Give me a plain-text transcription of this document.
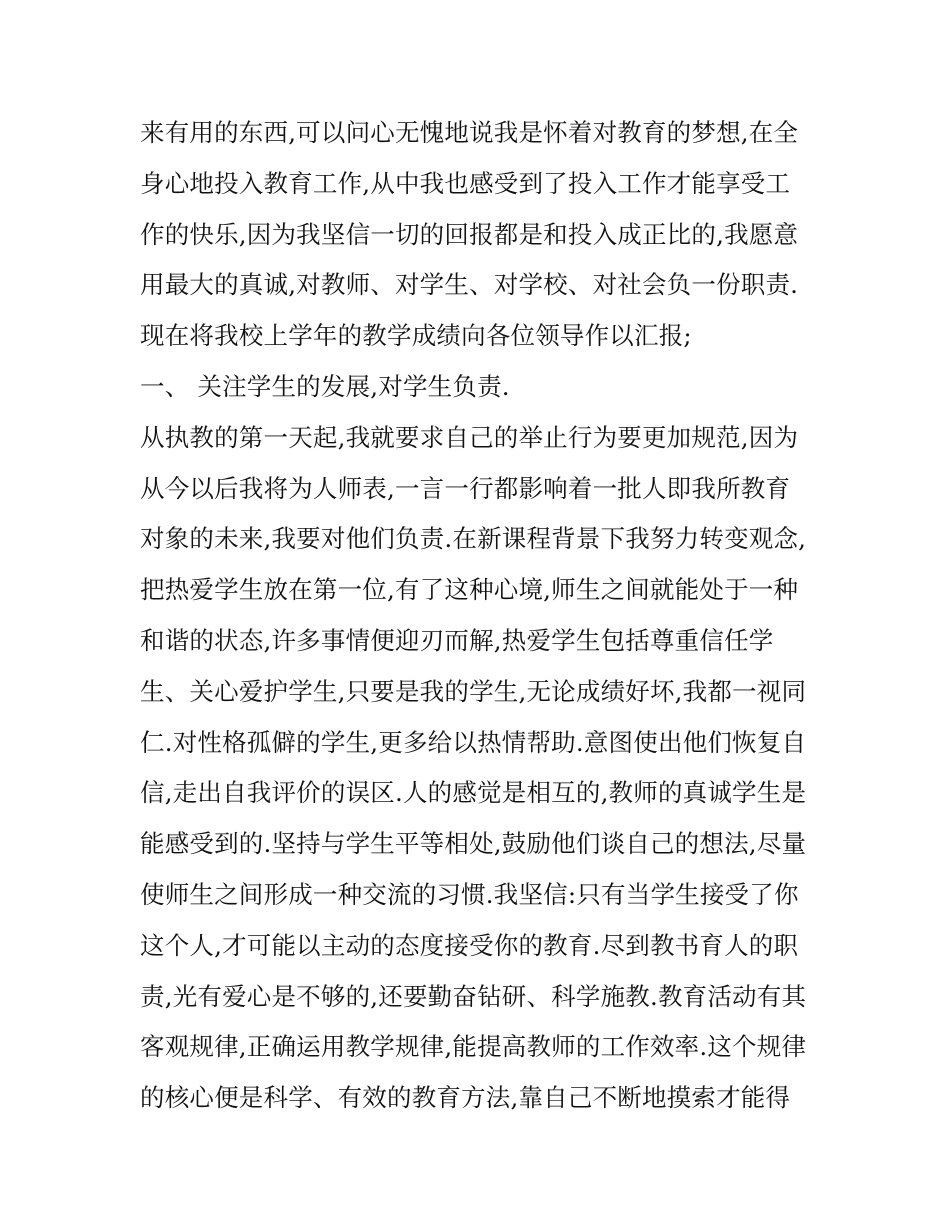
来有用的东西,可以问心无愧地说我是怀着对教育的梦想,在全
身心地投入教育工作,从中我也感受到了投入工作才能享受工
作的快乐,因为我坚信一切的回报都是和投入成正比的,我愿意
用最大的真诚,对教师、对学生、对学校、对社会负一份职责.
现在将我校上学年的教学成绩向各位领导作以汇报;
一、 关注学生的发展,对学生负责.
从执教的第一天起,我就要求自己的举止行为要更加规范,因为
从今以后我将为人师表,一言一行都影响着一批人即我所教育
对象的未来,我要对他们负责.在新课程背景下我努力转变观念,
把热爱学生放在第一位,有了这种心境,师生之间就能处于一种
和谐的状态,许多事情便迎刃而解,热爱学生包括尊重信任学
生、关心爱护学生,只要是我的学生,无论成绩好坏,我都一视同
仁.对性格孤僻的学生,更多给以热情帮助.意图使出他们恢复自
信,走出自我评价的误区.人的感觉是相互的,教师的真诚学生是
能感受到的.坚持与学生平等相处,鼓励他们谈自己的想法,尽量
使师生之间形成一种交流的习惯.我坚信:只有当学生接受了你
这个人,才可能以主动的态度接受你的教育.尽到教书育人的职
责,光有爱心是不够的,还要勤奋钻研、科学施教.教育活动有其
客观规律,正确运用教学规律,能提高教师的工作效率.这个规律
的核心便是科学、有效的教育方法,靠自己不断地摸索才能得
